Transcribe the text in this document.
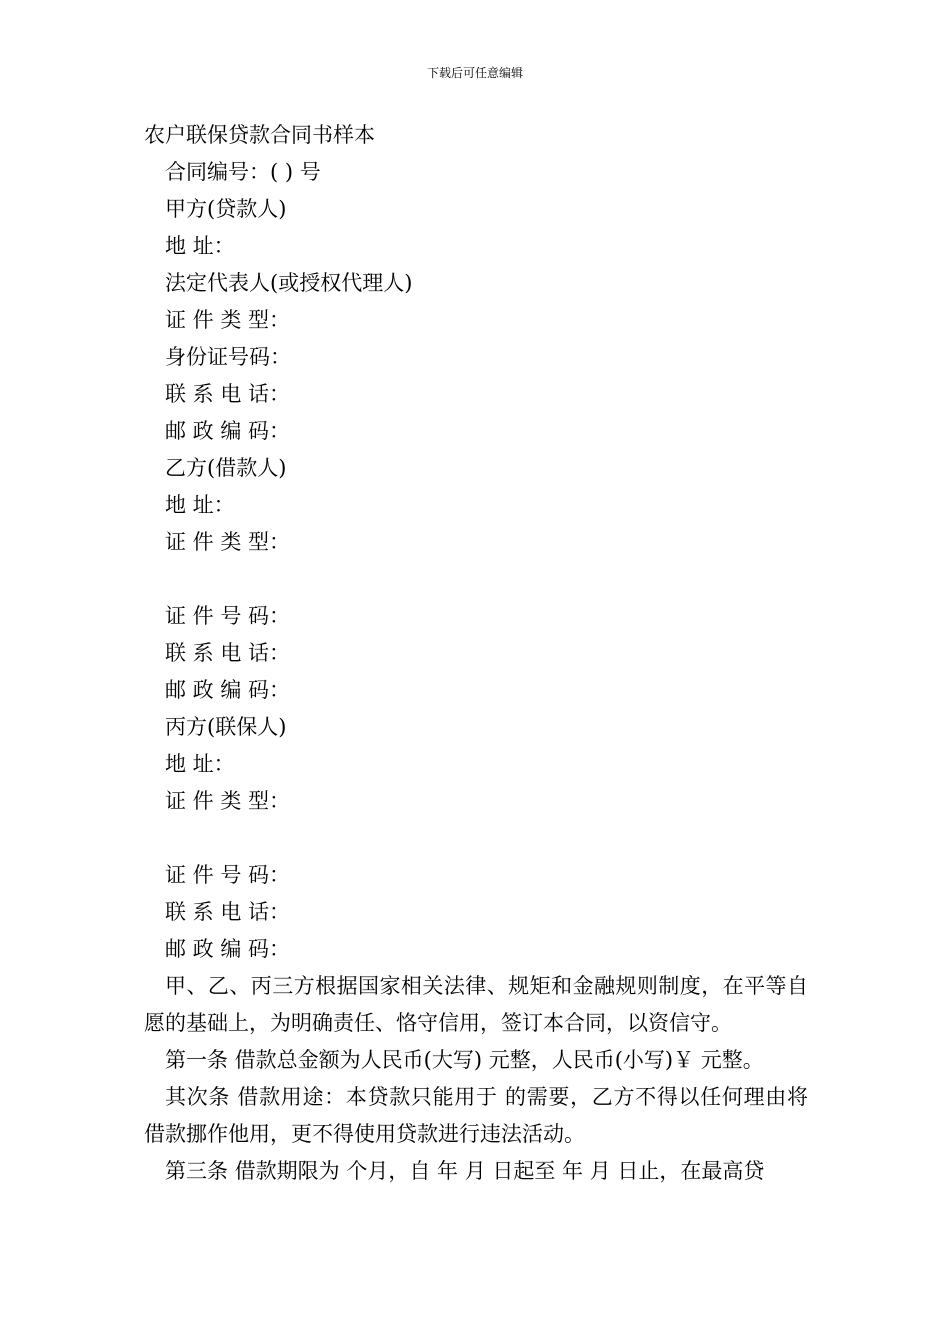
下载后可任意编辑
农户联保贷款合同书样本
合同编号：( ) 号
甲方(贷款人)
地 址：
法定代表人(或授权代理人)
证 件 类 型：
身份证号码：
联 系 电 话：
邮 政 编 码：
乙方(借款人)
地 址：
证 件 类 型：
证 件 号 码：
联 系 电 话：
邮 政 编 码：
丙方(联保人)
地 址：
证 件 类 型：
证 件 号 码：
联 系 电 话：
邮 政 编 码：

甲、乙、丙三方根据国家相关法律、规矩和金融规则制度，在平等自愿的基础上，为明确责任、恪守信用，签订本合同，以资信守。

第一条 借款总金额为人民币(大写) 元整，人民币(小写)￥ 元整。

其次条 借款用途：本贷款只能用于 的需要，乙方不得以任何理由将借款挪作他用，更不得使用贷款进行违法活动。

第三条 借款期限为 个月，自 年 月 日起至 年 月 日止，在最高贷
